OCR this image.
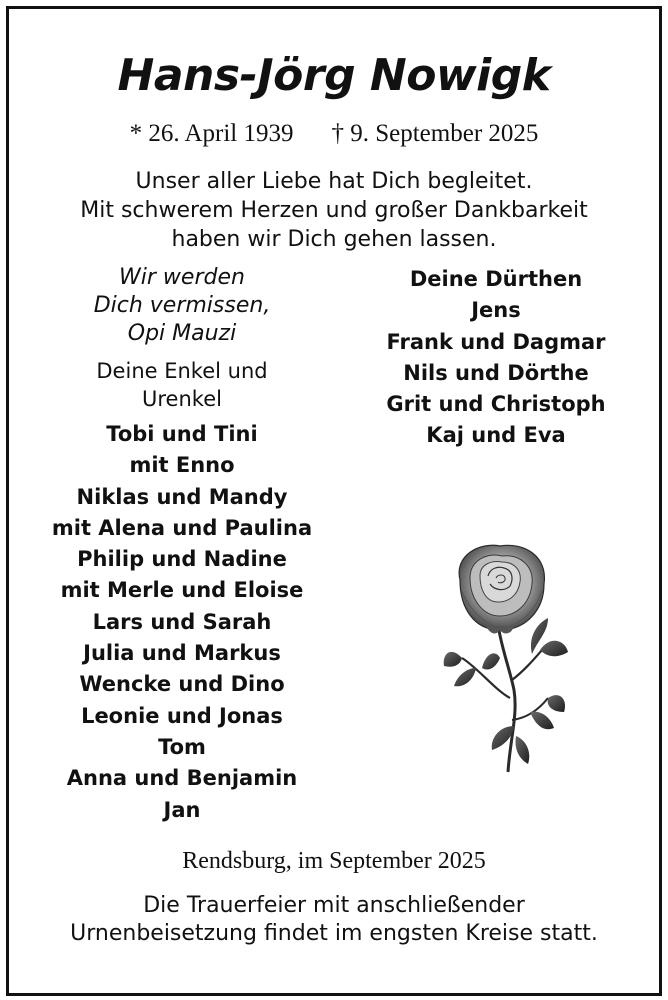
Hans-Jörg Nowigk
* 26. April 1939 † 9. September 2025
Unser aller Liebe hat Dich begleitet.
Mit schwerem Herzen und großer Dankbarkeit
haben wir Dich gehen lassen.
Wir werden
Dich vermissen,
Opi Mauzi
Deine Enkel und
Urenkel
Tobi und Tini
mit Enno
Niklas und Mandy
mit Alena und Paulina
Philip und Nadine
mit Merle und Eloise
Lars und Sarah
Julia und Markus
Wencke und Dino
Leonie und Jonas
Tom
Anna und Benjamin
Jan
Deine Dürthen
Jens
Frank und Dagmar
Nils und Dörthe
Grit und Christoph
Kaj und Eva
Rendsburg, im September 2025
Die Trauerfeier mit anschließender
Urnenbeisetzung findet im engsten Kreise statt.
